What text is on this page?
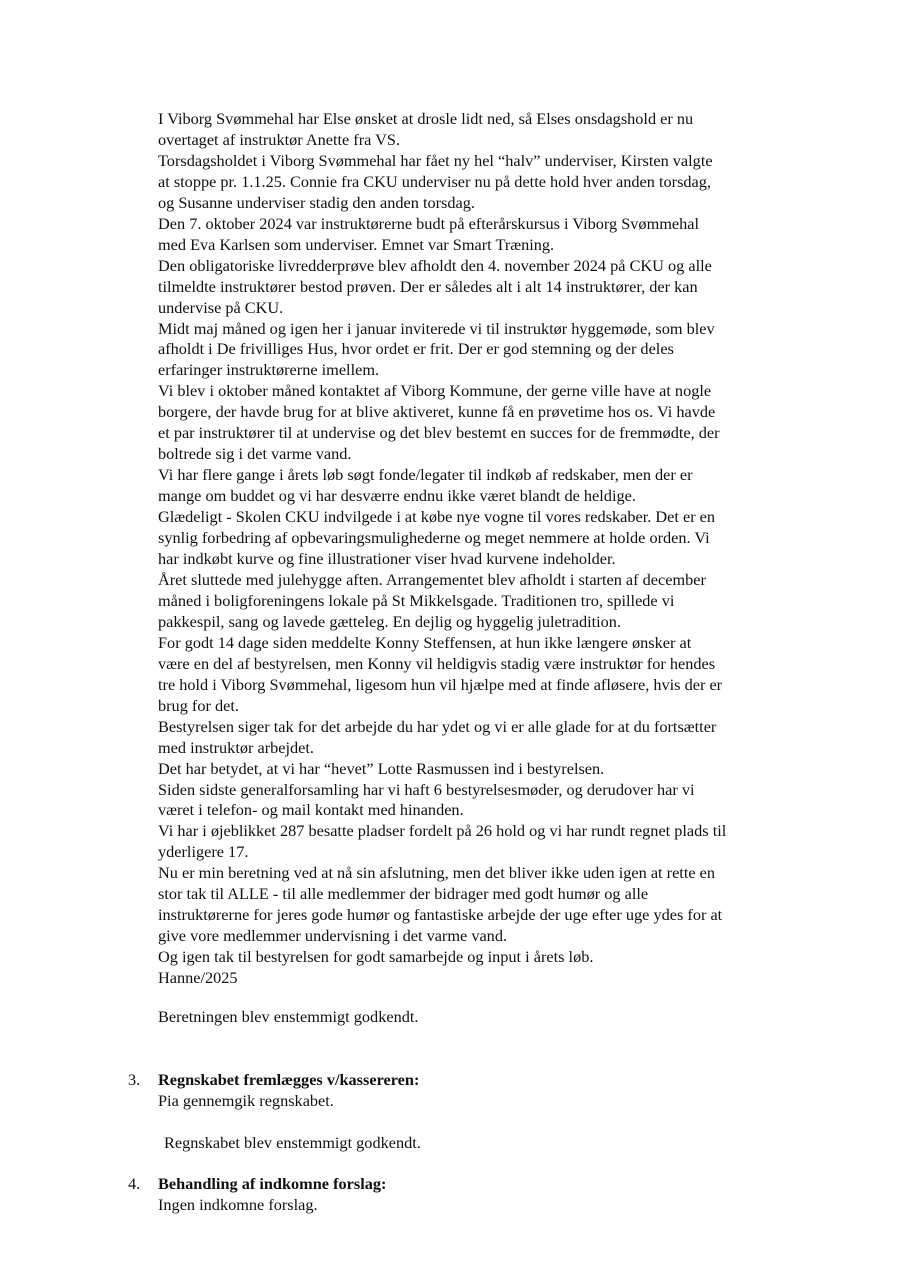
I Viborg Svømmehal har Else ønsket at drosle lidt ned, så Elses onsdagshold er nu

overtaget af instruktør Anette fra VS.

Torsdagsholdet i Viborg Svømmehal har fået ny hel “halv” underviser, Kirsten valgte

at stoppe pr. 1.1.25. Connie fra CKU underviser nu på dette hold hver anden torsdag,

og Susanne underviser stadig den anden torsdag.

Den 7. oktober 2024 var instruktørerne budt på efterårskursus i Viborg Svømmehal

med Eva Karlsen som underviser. Emnet var Smart Træning.

Den obligatoriske livredderprøve blev afholdt den 4. november 2024 på CKU og alle

tilmeldte instruktører bestod prøven. Der er således alt i alt 14 instruktører, der kan

undervise på CKU.

Midt maj måned og igen her i januar inviterede vi til instruktør hyggemøde, som blev

afholdt i De frivilliges Hus, hvor ordet er frit. Der er god stemning og der deles

erfaringer instruktørerne imellem.

Vi blev i oktober måned kontaktet af Viborg Kommune, der gerne ville have at nogle

borgere, der havde brug for at blive aktiveret, kunne få en prøvetime hos os. Vi havde

et par instruktører til at undervise og det blev bestemt en succes for de fremmødte, der

boltrede sig i det varme vand.

Vi har flere gange i årets løb søgt fonde/legater til indkøb af redskaber, men der er

mange om buddet og vi har desværre endnu ikke været blandt de heldige.

Glædeligt - Skolen CKU indvilgede i at købe nye vogne til vores redskaber. Det er en

synlig forbedring af opbevaringsmulighederne og meget nemmere at holde orden. Vi

har indkøbt kurve og fine illustrationer viser hvad kurvene indeholder.

Året sluttede med julehygge aften. Arrangementet blev afholdt i starten af december

måned i boligforeningens lokale på St Mikkelsgade. Traditionen tro, spillede vi

pakkespil, sang og lavede gætteleg. En dejlig og hyggelig juletradition.

For godt 14 dage siden meddelte Konny Steffensen, at hun ikke længere ønsker at

være en del af bestyrelsen, men Konny vil heldigvis stadig være instruktør for hendes

tre hold i Viborg Svømmehal, ligesom hun vil hjælpe med at finde afløsere, hvis der er

brug for det.

Bestyrelsen siger tak for det arbejde du har ydet og vi er alle glade for at du fortsætter

med instruktør arbejdet.

Det har betydet, at vi har “hevet” Lotte Rasmussen ind i bestyrelsen.

Siden sidste generalforsamling har vi haft 6 bestyrelsesmøder, og derudover har vi

været i telefon- og mail kontakt med hinanden.

Vi har i øjeblikket 287 besatte pladser fordelt på 26 hold og vi har rundt regnet plads til

yderligere 17.

Nu er min beretning ved at nå sin afslutning, men det bliver ikke uden igen at rette en

stor tak til ALLE - til alle medlemmer der bidrager med godt humør og alle

instruktørerne for jeres gode humør og fantastiske arbejde der uge efter uge ydes for at

give vore medlemmer undervisning i det varme vand.

Og igen tak til bestyrelsen for godt samarbejde og input i årets løb.

Hanne/2025

Beretningen blev enstemmigt godkendt.
3. Regnskabet fremlægges v/kassereren:
Pia gennemgik regnskabet.
Regnskabet blev enstemmigt godkendt.
4. Behandling af indkomne forslag:
Ingen indkomne forslag.
